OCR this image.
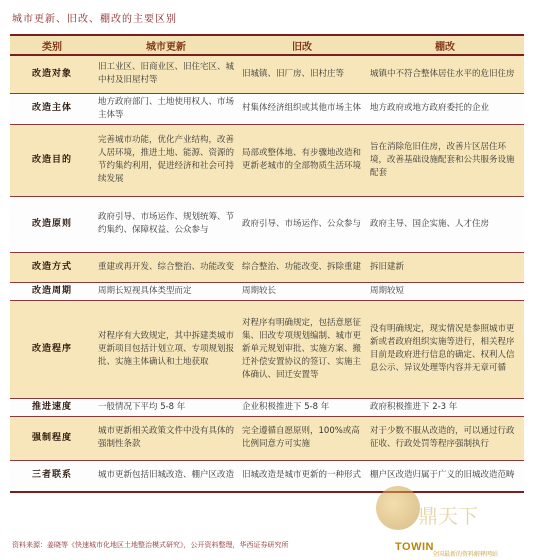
城市更新、旧改、棚改的主要区别
类别	城市更新	旧改	棚改
改造对象	旧工业区、旧商业区、旧住宅区、城中村及旧屋村等	旧城镇、旧厂房、旧村庄等	城镇中不符合整体居住水平的危旧住房
改造主体	地方政府部门、土地使用权人、市场主体等	村集体经济组织或其他市场主体	地方政府或地方政府委托的企业
改造目的	完善城市功能，优化产业结构，改善人居环境，推进土地、能源、资源的节约集约利用，促进经济和社会可持续发展	局部或整体地、有步骤地改造和更新老城市的全部物质生活环境	旨在消除危旧住房，改善片区居住环境，改善基础设施配套和公共服务设施配套
改造原则	政府引导、市场运作、规划统筹、节约集约、保障权益、公众参与	政府引导、市场运作、公众参与	政府主导、国企实施、人才住房
改造方式	重建或再开发、综合整治、功能改变	综合整治、功能改变、拆除重建	拆旧建新
改造周期	周期长短视具体类型而定	周期较长	周期较短
改造程序	对程序有大致规定，其中拆建类城市更新项目包括计划立项、专项规划报批、实施主体确认和土地获取	对程序有明确规定，包括意愿征集、旧改专项规划编制、城市更新单元规划审批、实施方案、搬迁补偿安置协议的签订、实施主体确认、回迁安置等	没有明确规定，现实情况是参照城市更新或者政府组织实施等进行，相关程序目前是政府进行信息的确定、权利人信息公示、异议处理等内容并无章可循
推进速度	一般情况下平均 5-8 年	企业积极推进下 5-8 年	政府积极推进下 2-3 年
强制程度	城市更新相关政策文件中没有具体的强制性条款	完全遵循自愿原则，100%或高比例同意方可实施	对于少数不服从改造的，可以通过行政征收、行政处罚等程序强制执行
三者联系	城市更新包括旧城改造、棚户区改造	旧城改造是城市更新的一种形式	棚户区改造归属于广义的旧城改造范畴
资料来源：姜晓等《快速城市化地区土地整治模式研究》，公开资料整理，华西证券研究所
鼎天下
TOWIN
全国最新的资料解释网站
